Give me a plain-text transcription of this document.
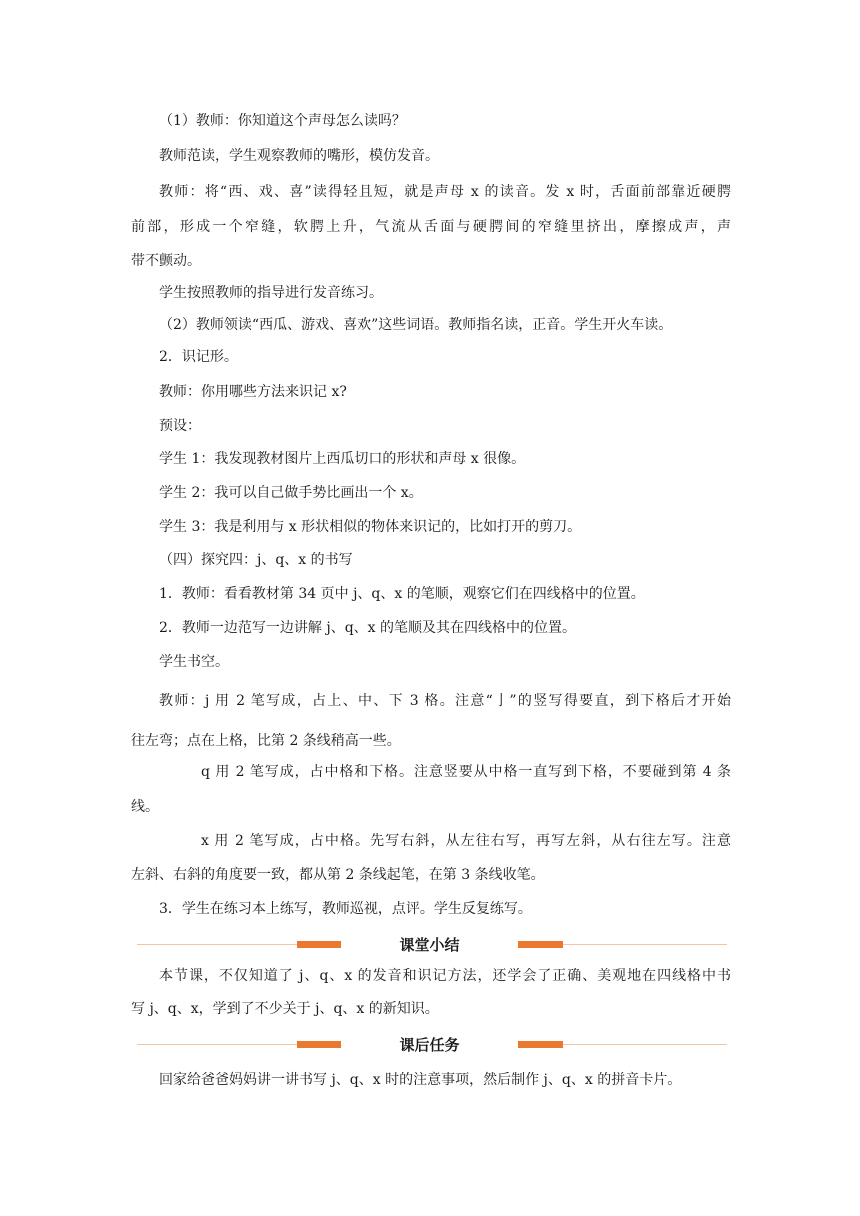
（1）教师：你知道这个声母怎么读吗？
教师范读，学生观察教师的嘴形，模仿发音。
教师：将“西、戏、喜”读得轻且短，就是声母 x 的读音。发 x 时，舌面前部靠近硬腭
前部，形成一个窄缝，软腭上升，气流从舌面与硬腭间的窄缝里挤出，摩擦成声，声
带不颤动。
学生按照教师的指导进行发音练习。
（2）教师领读“西瓜、游戏、喜欢”这些词语。教师指名读，正音。学生开火车读。
2．识记形。
教师：你用哪些方法来识记 x?
预设：
学生 1：我发现教材图片上西瓜切口的形状和声母 x 很像。
学生 2：我可以自己做手势比画出一个 x。
学生 3：我是利用与 x 形状相似的物体来识记的，比如打开的剪刀。
（四）探究四：j、q、x 的书写
1．教师：看看教材第 34 页中 j、q、x 的笔顺，观察它们在四线格中的位置。
2．教师一边范写一边讲解 j、q、x 的笔顺及其在四线格中的位置。
学生书空。
教师：j 用 2 笔写成，占上、中、下 3 格。注意“亅”的竖写得要直，到下格后才开始
往左弯；点在上格，比第 2 条线稍高一些。
q 用 2 笔写成，占中格和下格。注意竖要从中格一直写到下格，不要碰到第 4 条
线。
x 用 2 笔写成，占中格。先写右斜，从左往右写，再写左斜，从右往左写。注意
左斜、右斜的角度要一致，都从第 2 条线起笔，在第 3 条线收笔。
3．学生在练习本上练写，教师巡视，点评。学生反复练写。
课堂小结
本节课，不仅知道了 j、q、x 的发音和识记方法，还学会了正确、美观地在四线格中书
写 j、q、x，学到了不少关于 j、q、x 的新知识。
课后任务
回家给爸爸妈妈讲一讲书写 j、q、x 时的注意事项，然后制作 j、q、x 的拼音卡片。
